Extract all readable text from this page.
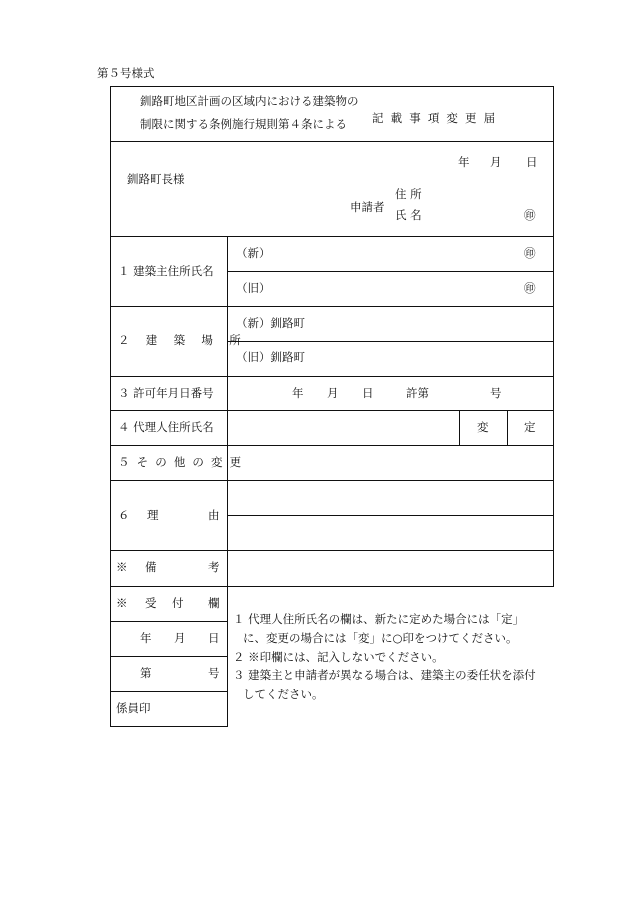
第５号様式
釧路町地区計画の区域内における建築物の
制限に関する条例施行規則第４条による 記 載 事 項 変 更 届
年 月 日
釧路町長様
申請者
住 所
氏 名	㊞
１ 建築主住所氏名
（新）	㊞
（旧）	㊞
２ 建 築 場 所
（新）釧路町
（旧）釧路町
３ 許可年月日番号	年 月 日	許第	号
４ 代理人住所氏名	変	定
５ そ の 他 の 変 更
６ 理	由
※ 備	考
※ 受 付 欄
年 月 日
第	号
係員印
１ 代理人住所氏名の欄は、新たに定めた場合には「定」
に、変更の場合には「変」に○印をつけてください。
２ ※印欄には、記入しないでください。
３ 建築主と申請者が異なる場合は、建築主の委任状を添付
してください。
